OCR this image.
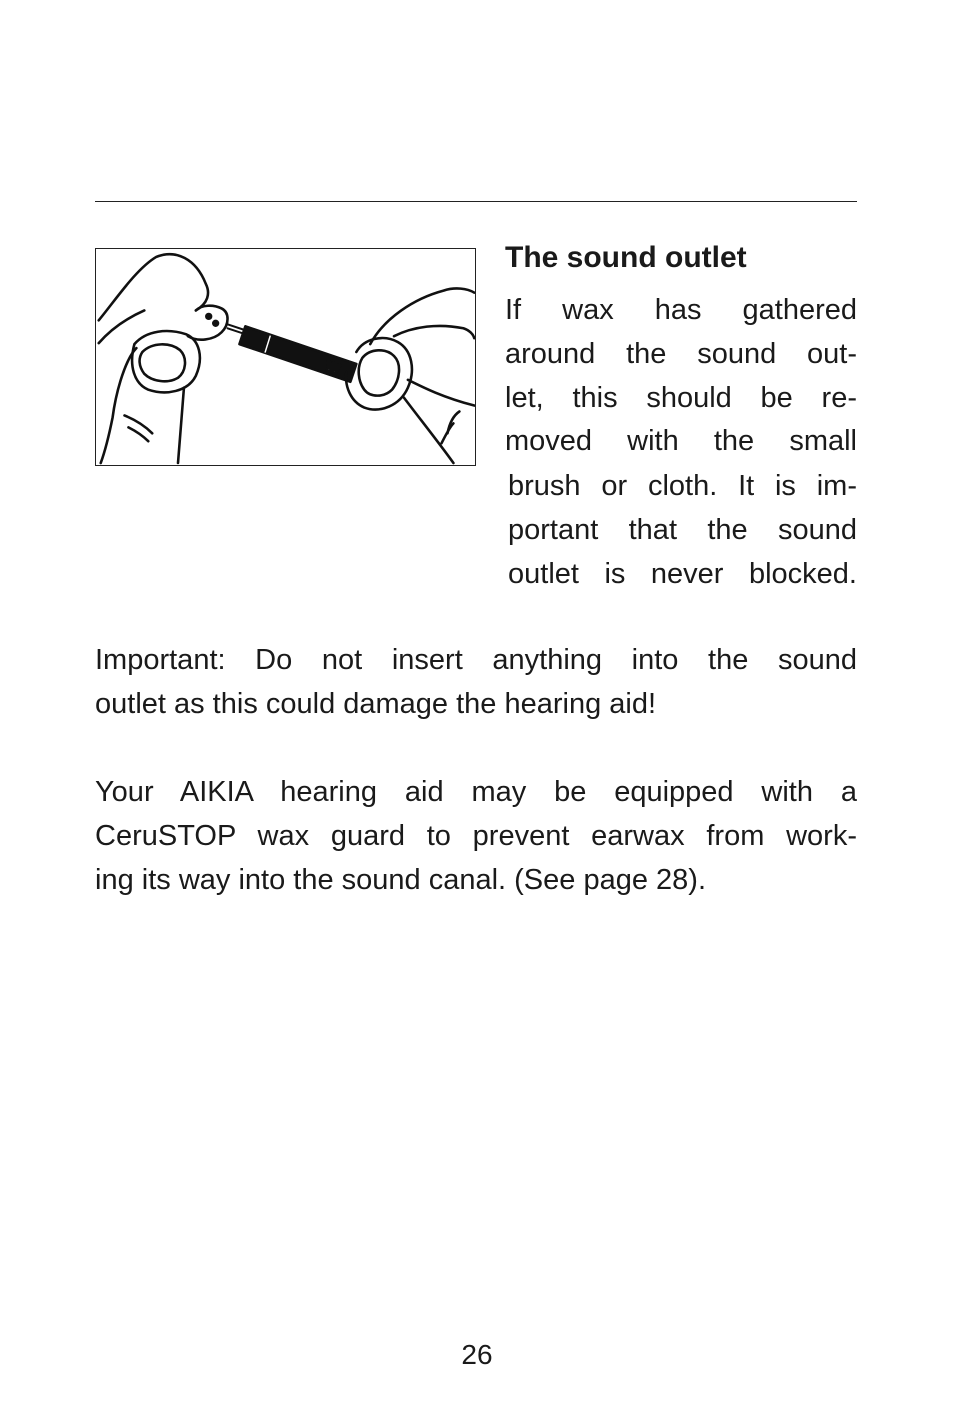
W
The sound outlet

If wax has gathered
around the sound out-
let, this should be re-
moved with the small

brush or cloth. It is im-
portant that the sound
outlet is never blocked.

Important: Do not insert anything into the sound
outlet as this could damage the hearing aid!

Your AIKIA hearing aid may be equipped with a
CeruSTOP wax guard to prevent earwax from work-
ing its way into the sound canal. (See page 28).

26
